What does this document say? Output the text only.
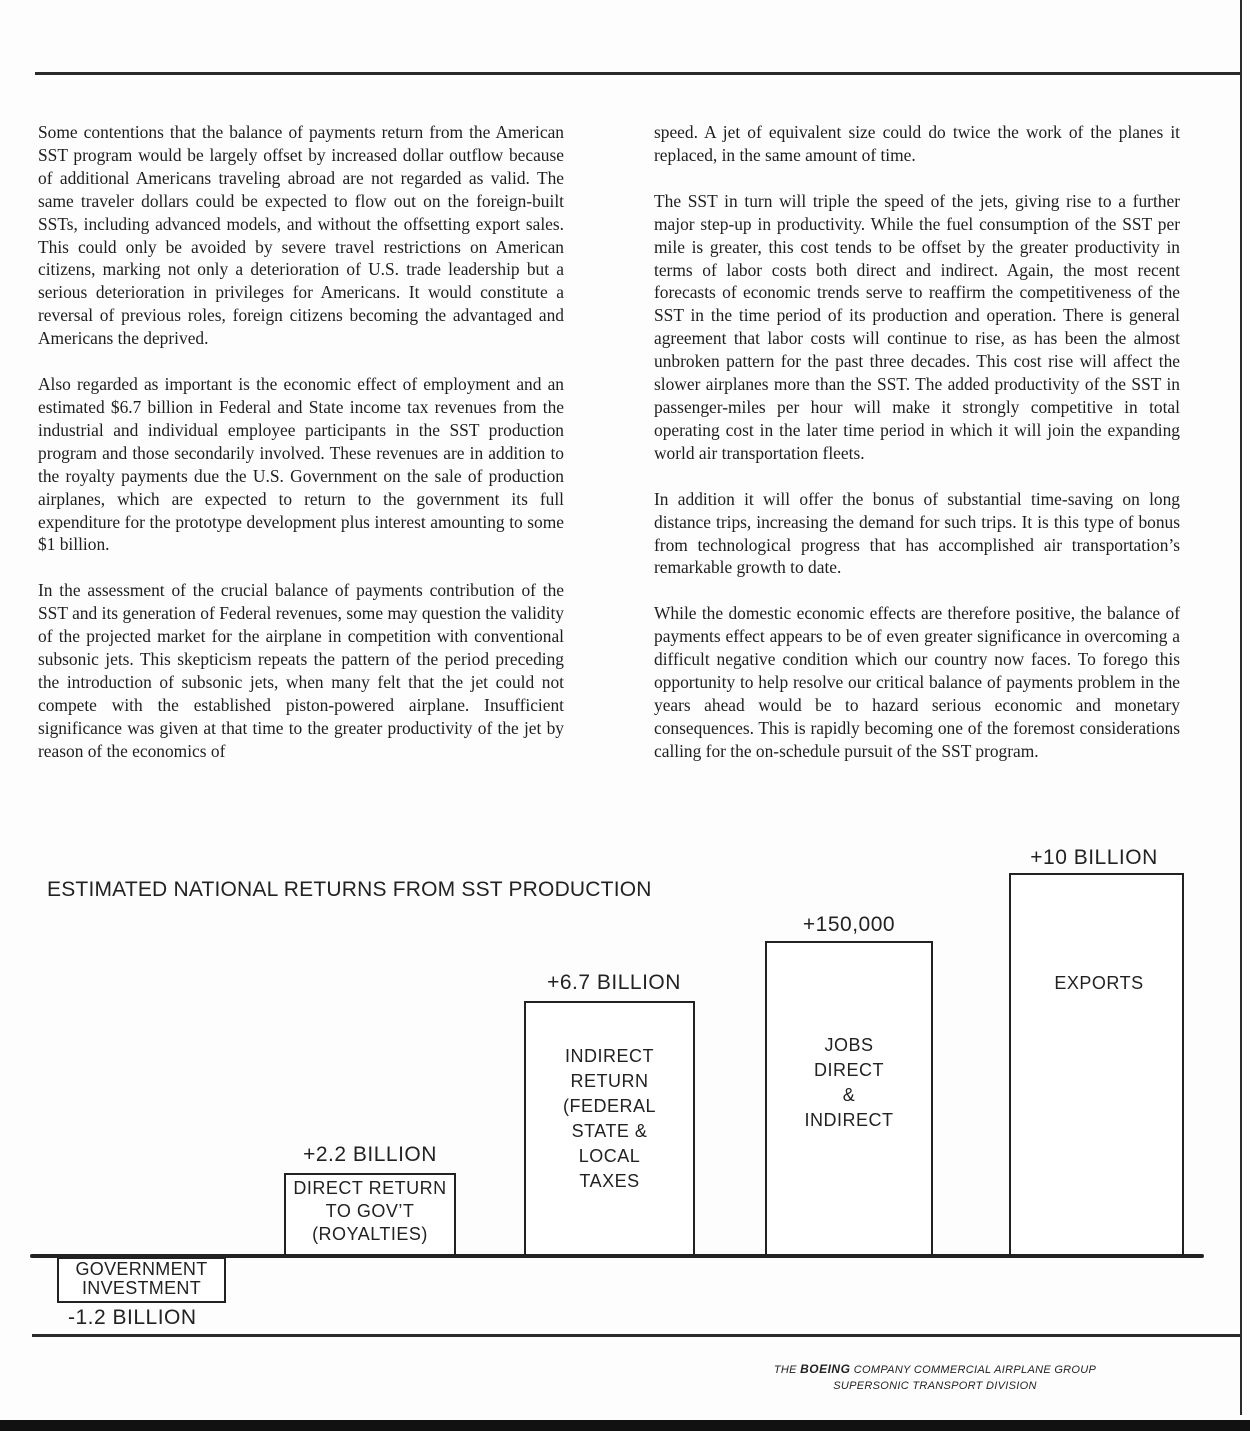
Some contentions that the balance of payments return from the American SST program would be largely offset by increased dollar outflow because of additional Americans traveling abroad are not regarded as valid. The same traveler dollars could be expected to flow out on the foreign-built SSTs, including advanced models, and without the offsetting export sales. This could only be avoided by severe travel restrictions on American citizens, marking not only a deterioration of U.S. trade leadership but a serious deterioration in privileges for Americans. It would constitute a reversal of previous roles, foreign citizens becoming the advantaged and Americans the deprived.

Also regarded as important is the economic effect of employment and an estimated $6.7 billion in Federal and State income tax revenues from the industrial and individual employee participants in the SST production program and those secondarily involved. These revenues are in addition to the royalty payments due the U.S. Government on the sale of production airplanes, which are expected to return to the government its full expenditure for the prototype development plus interest amounting to some $1 billion.

In the assessment of the crucial balance of payments contribution of the SST and its generation of Federal revenues, some may question the validity of the projected market for the airplane in competition with conventional subsonic jets. This skepticism repeats the pattern of the period preceding the introduction of subsonic jets, when many felt that the jet could not compete with the established piston-powered airplane. Insufficient significance was given at that time to the greater productivity of the jet by reason of the economics of

speed. A jet of equivalent size could do twice the work of the planes it replaced, in the same amount of time.

The SST in turn will triple the speed of the jets, giving rise to a further major step-up in productivity. While the fuel consumption of the SST per mile is greater, this cost tends to be offset by the greater productivity in terms of labor costs both direct and indirect. Again, the most recent forecasts of economic trends serve to reaffirm the competitiveness of the SST in the time period of its production and operation. There is general agreement that labor costs will continue to rise, as has been the almost unbroken pattern for the past three decades. This cost rise will affect the slower airplanes more than the SST. The added productivity of the SST in passenger-miles per hour will make it strongly competitive in total operating cost in the later time period in which it will join the expanding world air transportation fleets.

In addition it will offer the bonus of substantial time-saving on long distance trips, increasing the demand for such trips. It is this type of bonus from technological progress that has accomplished air transportation’s remarkable growth to date.

While the domestic economic effects are therefore positive, the balance of payments effect appears to be of even greater significance in overcoming a difficult negative condition which our country now faces. To forego this opportunity to help resolve our critical balance of payments problem in the years ahead would be to hazard serious economic and monetary consequences. This is rapidly becoming one of the foremost considerations calling for the on-schedule pursuit of the SST program.

ESTIMATED NATIONAL RETURNS FROM SST PRODUCTION
GOVERNMENT
INVESTMENT
-1.2 BILLION
+2.2 BILLION
DIRECT RETURN
TO GOV’T
(ROYALTIES)
+6.7 BILLION
INDIRECT
RETURN
(FEDERAL
STATE &
LOCAL
TAXES
+150,000
JOBS
DIRECT
&
INDIRECT
+10 BILLION
EXPORTS
THE BOEING COMPANY COMMERCIAL AIRPLANE GROUP
SUPERSONIC TRANSPORT DIVISION
